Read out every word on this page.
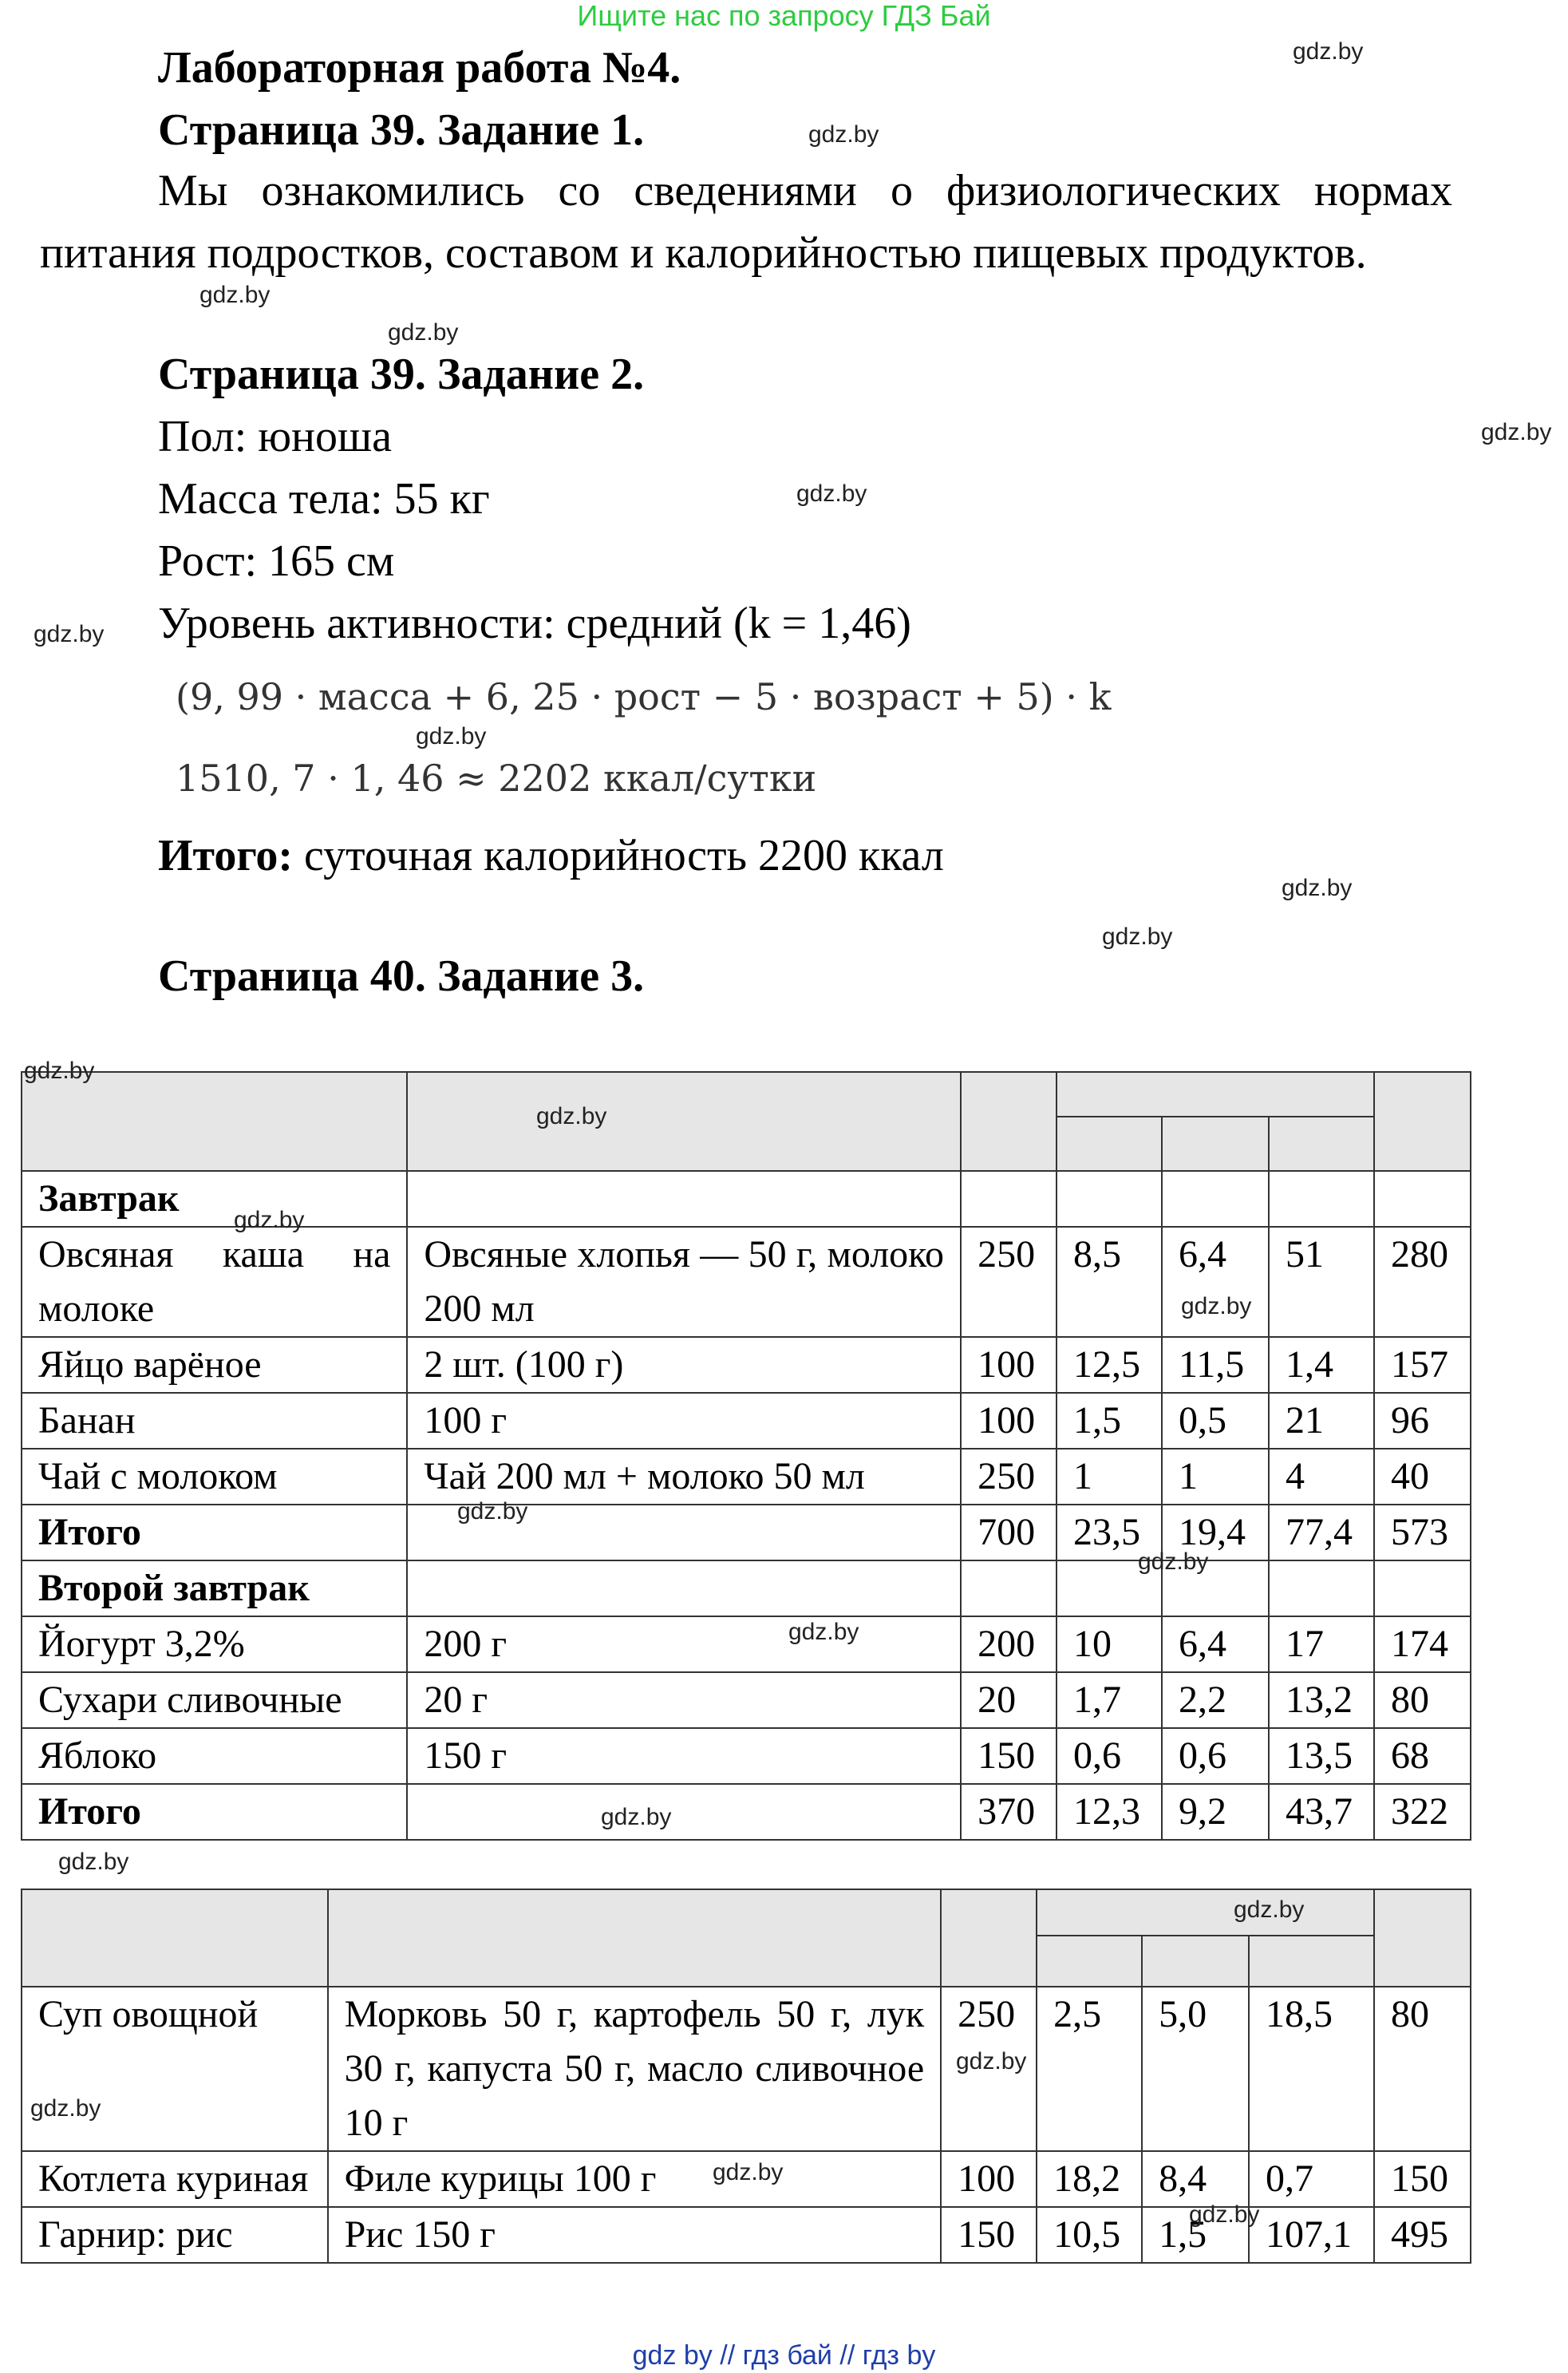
Ищите нас по запросу ГДЗ Бай
Лабораторная работа №4.
Страница 39. Задание 1.
Мы ознакомились со сведениями о физиологических нормах
питания подростков, составом и калорийностью пищевых продуктов.
Страница 39. Задание 2.
Пол: юноша
Масса тела: 55 кг
Рост: 165 см
Уровень активности: средний (k = 1,46)
(9, 99 · масса + 6, 25 · рост − 5 · возраст + 5) · k
1510, 7 · 1, 46 ≈ 2202 ккал/сутки
Итого: суточная калорийность 2200 ккал
Страница 40. Задание 3.

Завтрак						
Овсяная каша на молоке	Овсяные хлопья — 50 г, молоко 200 мл	250	8,5	6,4	51	280
Яйцо варёное	2 шт. (100 г)	100	12,5	11,5	1,4	157
Банан	100 г	100	1,5	0,5	21	96
Чай с молоком	Чай 200 мл + молоко 50 мл	250	1	1	4	40
Итого		700	23,5	19,4	77,4	573
Второй завтрак						
Йогурт 3,2%	200 г	200	10	6,4	17	174
Сухари сливочные	20 г	20	1,7	2,2	13,2	80
Яблоко	150 г	150	0,6	0,6	13,5	68
Итого		370	12,3	9,2	43,7	322

Суп овощной	Морковь 50 г, картофель 50 г, лук 30 г, капуста 50 г, масло сливочное 10 г	250	2,5	5,0	18,5	80
Котлета куриная	Филе курицы 100 г	100	18,2	8,4	0,7	150
Гарнир: рис	Рис 150 г	150	10,5	1,5	107,1	495
gdz.by
gdz.by
gdz.by
gdz.by
gdz.by
gdz.by
gdz.by
gdz.by
gdz.by
gdz.by
gdz.by
gdz.by
gdz.by
gdz.by
gdz.by
gdz.by
gdz.by
gdz.by
gdz.by
gdz.by
gdz.by
gdz.by
gdz.by
gdz.by
gdz by // гдз бай // гдз by
